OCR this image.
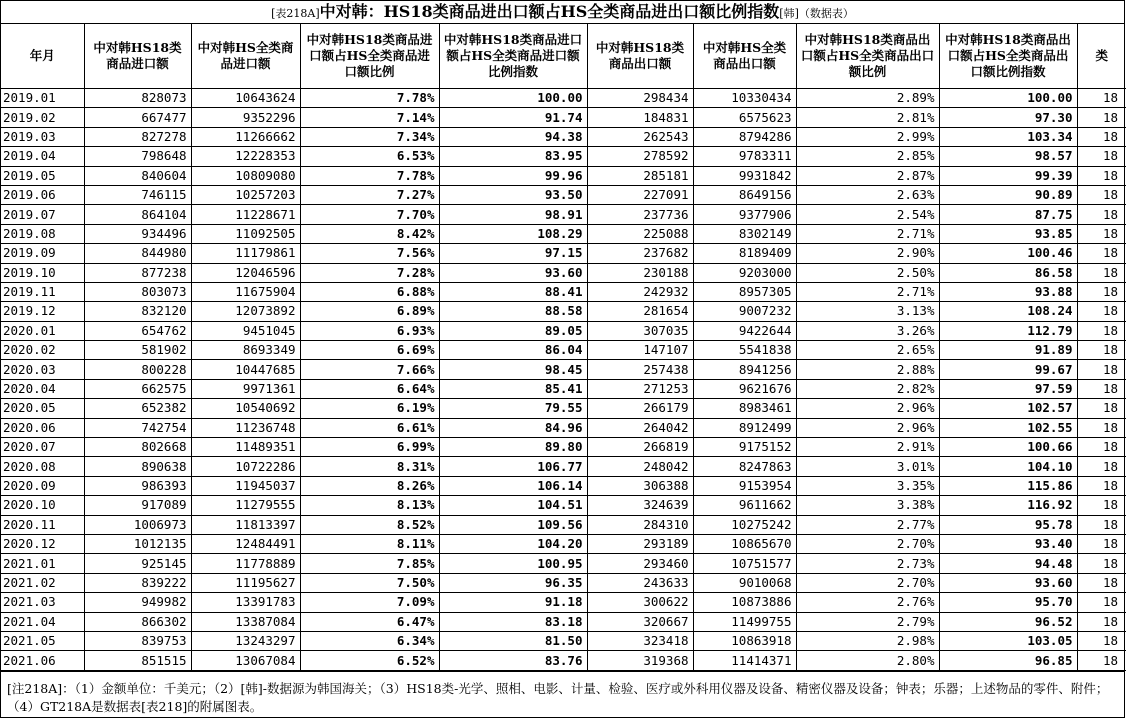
[表218A]中对韩：HS18类商品进出口额占HS全类商品进出口额比例指数[韩]（数据表）
年月	中对韩HS18类商品进口额	中对韩HS全类商品进口额	中对韩HS18类商品进口额占HS全类商品进口额比例	中对韩HS18类商品进口额占HS全类商品进口额比例指数	中对韩HS18类商品出口额	中对韩HS全类商品出口额	中对韩HS18类商品出口额占HS全类商品出口额比例	中对韩HS18类商品出口额占HS全类商品出口额比例指数	类
2019.01	828073	10643624	7.78%	100.00	298434	10330434	2.89%	100.00	18
2019.02	667477	9352296	7.14%	91.74	184831	6575623	2.81%	97.30	18
2019.03	827278	11266662	7.34%	94.38	262543	8794286	2.99%	103.34	18
2019.04	798648	12228353	6.53%	83.95	278592	9783311	2.85%	98.57	18
2019.05	840604	10809080	7.78%	99.96	285181	9931842	2.87%	99.39	18
2019.06	746115	10257203	7.27%	93.50	227091	8649156	2.63%	90.89	18
2019.07	864104	11228671	7.70%	98.91	237736	9377906	2.54%	87.75	18
2019.08	934496	11092505	8.42%	108.29	225088	8302149	2.71%	93.85	18
2019.09	844980	11179861	7.56%	97.15	237682	8189409	2.90%	100.46	18
2019.10	877238	12046596	7.28%	93.60	230188	9203000	2.50%	86.58	18
2019.11	803073	11675904	6.88%	88.41	242932	8957305	2.71%	93.88	18
2019.12	832120	12073892	6.89%	88.58	281654	9007232	3.13%	108.24	18
2020.01	654762	9451045	6.93%	89.05	307035	9422644	3.26%	112.79	18
2020.02	581902	8693349	6.69%	86.04	147107	5541838	2.65%	91.89	18
2020.03	800228	10447685	7.66%	98.45	257438	8941256	2.88%	99.67	18
2020.04	662575	9971361	6.64%	85.41	271253	9621676	2.82%	97.59	18
2020.05	652382	10540692	6.19%	79.55	266179	8983461	2.96%	102.57	18
2020.06	742754	11236748	6.61%	84.96	264042	8912499	2.96%	102.55	18
2020.07	802668	11489351	6.99%	89.80	266819	9175152	2.91%	100.66	18
2020.08	890638	10722286	8.31%	106.77	248042	8247863	3.01%	104.10	18
2020.09	986393	11945037	8.26%	106.14	306388	9153954	3.35%	115.86	18
2020.10	917089	11279555	8.13%	104.51	324639	9611662	3.38%	116.92	18
2020.11	1006973	11813397	8.52%	109.56	284310	10275242	2.77%	95.78	18
2020.12	1012135	12484491	8.11%	104.20	293189	10865670	2.70%	93.40	18
2021.01	925145	11778889	7.85%	100.95	293460	10751577	2.73%	94.48	18
2021.02	839222	11195627	7.50%	96.35	243633	9010068	2.70%	93.60	18
2021.03	949982	13391783	7.09%	91.18	300622	10873886	2.76%	95.70	18
2021.04	866302	13387084	6.47%	83.18	320667	11499755	2.79%	96.52	18
2021.05	839753	13243297	6.34%	81.50	323418	10863918	2.98%	103.05	18
2021.06	851515	13067084	6.52%	83.76	319368	11414371	2.80%	96.85	18
[注218A]：（1）金额单位：千美元；（2）[韩]-数据源为韩国海关；（3）HS18类-光学、照相、电影、计量、检验、医疗或外科用仪器及设备、精密仪器及设备；钟表；乐器；上述物品的零件、附件；（4）GT218A是数据表[表218]的附属图表。
